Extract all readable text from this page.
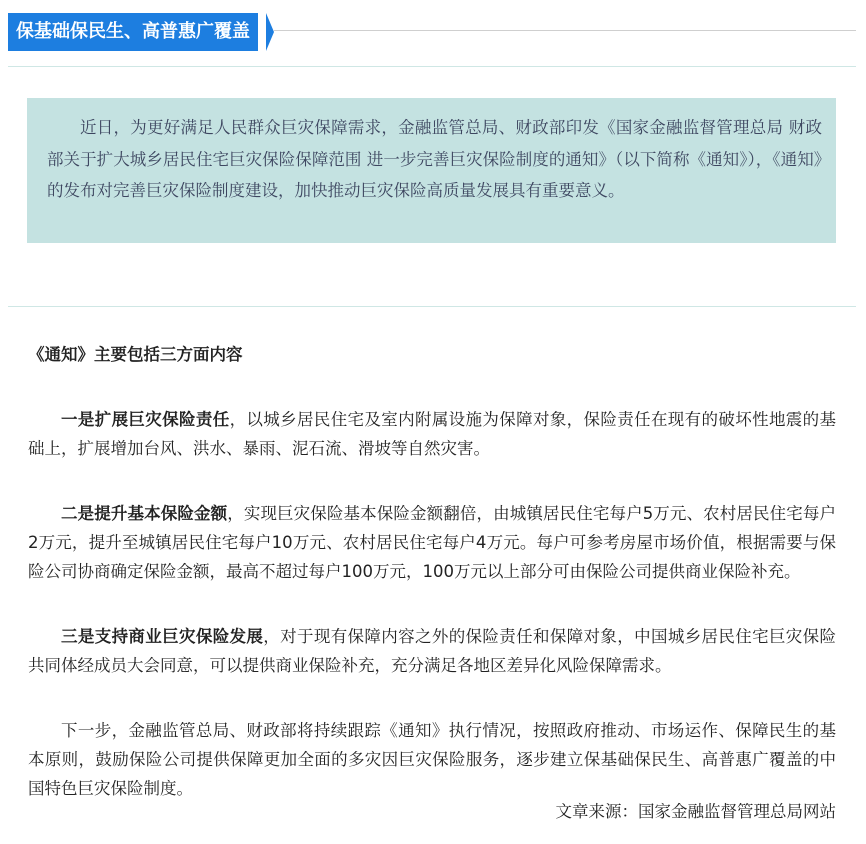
保基础保民生、高普惠广覆盖
近日，为更好满足人民群众巨灾保障需求，金融监管总局、财政部印发《国家金融监督管理总局 财政部关于扩大城乡居民住宅巨灾保险保障范围 进一步完善巨灾保险制度的通知》（以下简称《通知》），《通知》的发布对完善巨灾保险制度建设，加快推动巨灾保险高质量发展具有重要意义。

《通知》主要包括三方面内容

一是扩展巨灾保险责任，以城乡居民住宅及室内附属设施为保障对象，保险责任在现有的破坏性地震的基础上，扩展增加台风、洪水、暴雨、泥石流、滑坡等自然灾害。

二是提升基本保险金额，实现巨灾保险基本保险金额翻倍，由城镇居民住宅每户5万元、农村居民住宅每户2万元，提升至城镇居民住宅每户10万元、农村居民住宅每户4万元。每户可参考房屋市场价值，根据需要与保险公司协商确定保险金额，最高不超过每户100万元，100万元以上部分可由保险公司提供商业保险补充。

三是支持商业巨灾保险发展，对于现有保障内容之外的保险责任和保障对象，中国城乡居民住宅巨灾保险共同体经成员大会同意，可以提供商业保险补充，充分满足各地区差异化风险保障需求。

下一步，金融监管总局、财政部将持续跟踪《通知》执行情况，按照政府推动、市场运作、保障民生的基本原则，鼓励保险公司提供保障更加全面的多灾因巨灾保险服务，逐步建立保基础保民生、高普惠广覆盖的中国特色巨灾保险制度。

文章来源：国家金融监督管理总局网站
